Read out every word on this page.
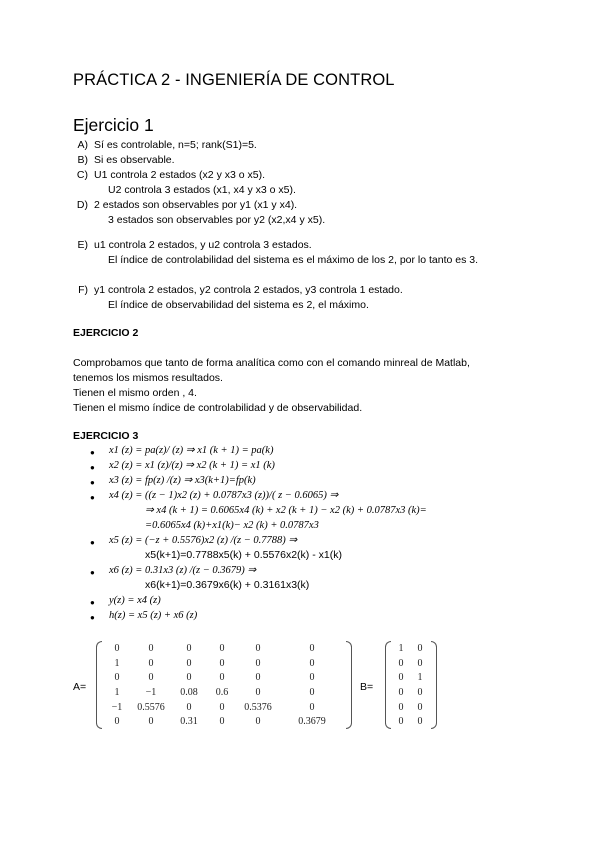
PRÁCTICA 2 - INGENIERÍA DE CONTROL
Ejercicio 1
A) Sí es controlable, n=5; rank(S1)=5.
B) Si es observable.
C) U1 controla 2 estados (x2 y x3 o x5).
U2 controla 3 estados (x1, x4 y x3 o x5).
D) 2 estados son observables por y1 (x1 y x4).
3 estados son observables por y2 (x2,x4 y x5).
E) u1 controla 2 estados, y u2 controla 3 estados.
El índice de controlabilidad del sistema es el máximo de los 2, por lo tanto es 3.
F) y1 controla 2 estados, y2 controla 2 estados, y3 controla 1 estado.
El índice de observabilidad del sistema es 2, el máximo.
EJERCICIO 2
Comprobamos que tanto de forma analítica como con el comando minreal de Matlab,
tenemos los mismos resultados.
Tienen el mismo orden , 4.
Tienen el mismo índice de controlabilidad y de observabilidad.
EJERCICIO 3
● x1 (z) = pa(z)/ (z) ⇒ x1 (k + 1) = pa(k)
● x2 (z) = x1 (z)/(z) ⇒ x2 (k + 1) = x1 (k)
● x3 (z) = fp(z) /(z) ⇒ x3(k+1)=fp(k)
● x4 (z) = ((z − 1)x2 (z) + 0.0787x3 (z))/( z − 0.6065) ⇒
⇒ x4 (k + 1) = 0.6065x4 (k) + x2 (k + 1) − x2 (k) + 0.0787x3 (k)=
=0.6065x4 (k)+x1(k)− x2 (k) + 0.0787x3
● x5 (z) = (−z + 0.5576)x2 (z) /(z − 0.7788) ⇒
x5(k+1)=0.7788x5(k) + 0.5576x2(k) - x1(k)
● x6 (z) = 0.31x3 (z) /(z − 0.3679) ⇒
x6(k+1)=0.3679x6(k) + 0.3161x3(k)
● y(z) = x4 (z)
● h(z) = x5 (z) + x6 (z)
A=
0	0	0	0	0	0
1	0	0	0	0	0
0	0	0	0	0	0
1	−1	0.08	0.6	0	0
−1	0.5576	0	0	0.5376	0
0	0	0.31	0	0	0.3679
B=
1	0
0	0
0	1
0	0
0	0
0	0
